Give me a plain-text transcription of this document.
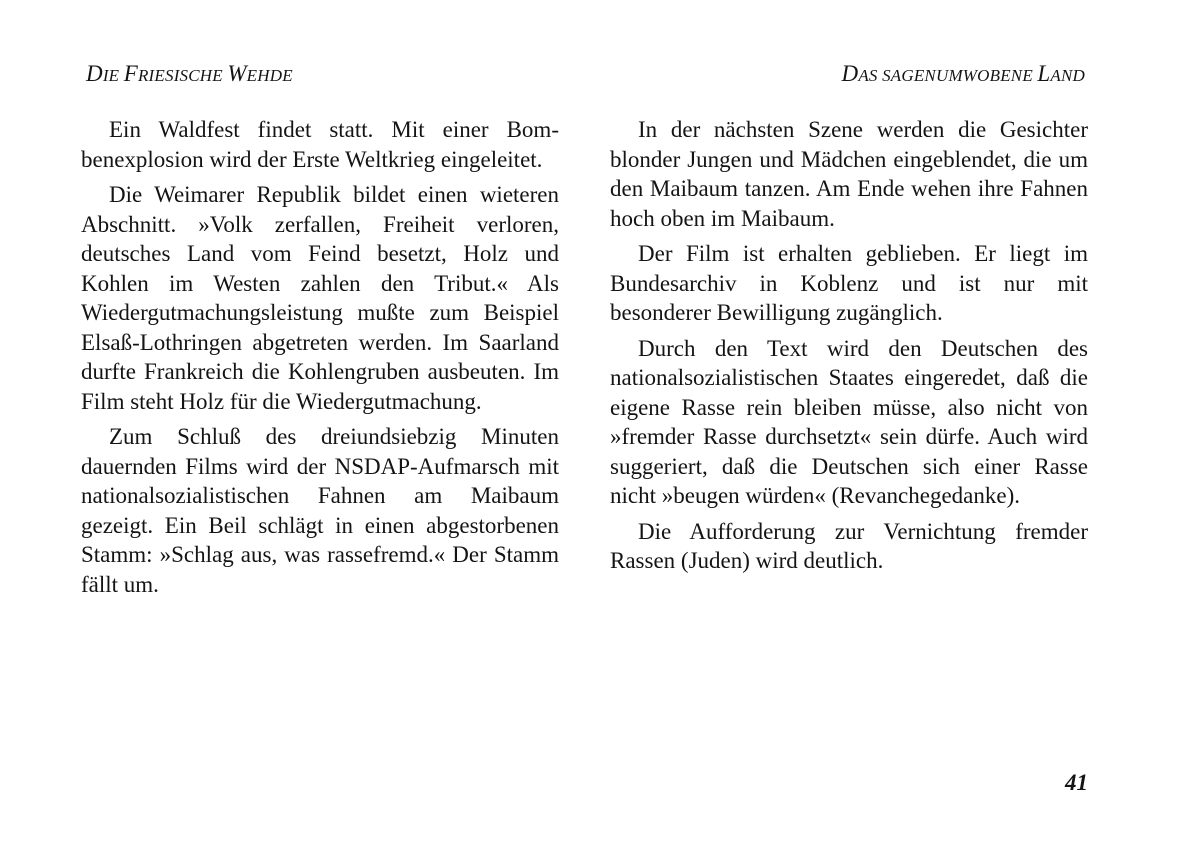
DIE FRIESISCHE WEHDE	DAS SAGENUMWOBENE LAND

Ein Waldfest findet statt. Mit einer Bombenexplosion wird der Erste Weltkrieg eingeleitet.

Die Weimarer Republik bildet einen wieteren Abschnitt. »Volk zerfallen, Freiheit verloren, deutsches Land vom Feind besetzt, Holz und Kohlen im Westen zahlen den Tribut.« Als Wiedergutmachungsleistung mußte zum Beispiel Elsaß-Lothringen abgetreten werden. Im Saarland durfte Frankreich die Kohlengruben ausbeuten. Im Film steht Holz für die Wiedergutmachung.

Zum Schluß des dreiundsiebzig Minuten dauernden Films wird der NSDAP-Aufmarsch mit nationalsozialistischen Fahnen am Maibaum gezeigt. Ein Beil schlägt in einen abgestorbenen Stamm: »Schlag aus, was rassefremd.« Der Stamm fällt um.

In der nächsten Szene werden die Gesichter blonder Jungen und Mädchen eingeblendet, die um den Maibaum tanzen. Am Ende wehen ihre Fahnen hoch oben im Maibaum.

Der Film ist erhalten geblieben. Er liegt im Bundesarchiv in Koblenz und ist nur mit besonderer Bewilligung zugänglich.

Durch den Text wird den Deutschen des nationalsozialistischen Staates eingeredet, daß die eigene Rasse rein bleiben müsse, also nicht von »fremder Rasse durchsetzt« sein dürfe. Auch wird suggeriert, daß die Deutschen sich einer Rasse nicht »beugen würden« (Revanchegedanke).

Die Aufforderung zur Vernichtung fremder Rassen (Juden) wird deutlich.

41
